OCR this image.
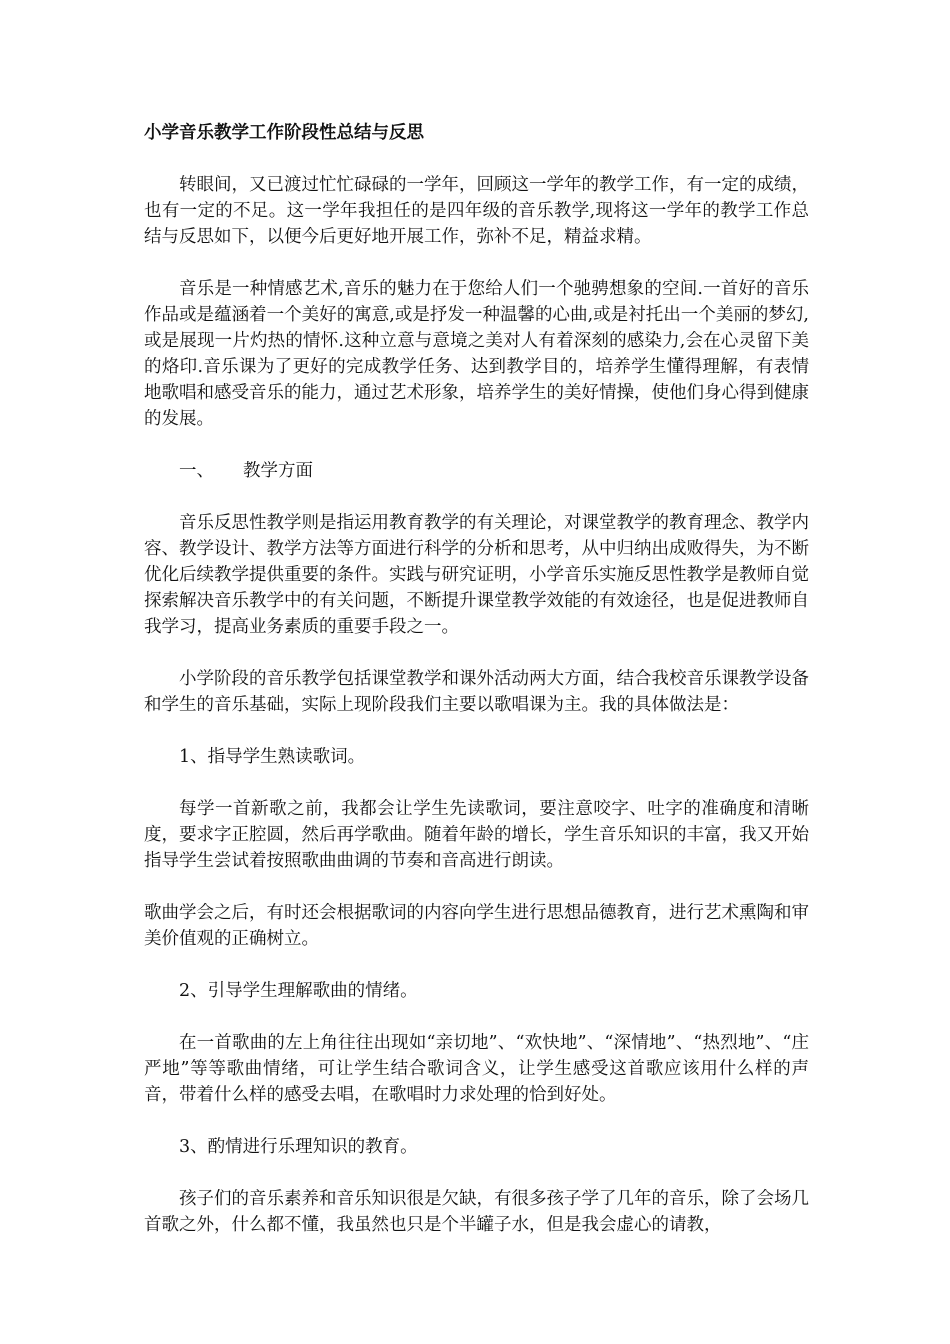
小学音乐教学工作阶段性总结与反思

转眼间，又已渡过忙忙碌碌的一学年，回顾这一学年的教学工作，有一定的成绩，也有一定的不足。这一学年我担任的是四年级的音乐教学,现将这一学年的教学工作总结与反思如下，以便今后更好地开展工作，弥补不足，精益求精。

音乐是一种情感艺术,音乐的魅力在于您给人们一个驰骋想象的空间.一首好的音乐作品或是蕴涵着一个美好的寓意,或是抒发一种温馨的心曲,或是衬托出一个美丽的梦幻,或是展现一片灼热的情怀.这种立意与意境之美对人有着深刻的感染力,会在心灵留下美的烙印.音乐课为了更好的完成教学任务、达到教学目的，培养学生懂得理解，有表情地歌唱和感受音乐的能力，通过艺术形象，培养学生的美好情操，使他们身心得到健康的发展。

一、 教学方面

音乐反思性教学则是指运用教育教学的有关理论，对课堂教学的教育理念、教学内容、教学设计、教学方法等方面进行科学的分析和思考，从中归纳出成败得失，为不断优化后续教学提供重要的条件。实践与研究证明，小学音乐实施反思性教学是教师自觉探索解决音乐教学中的有关问题，不断提升课堂教学效能的有效途径，也是促进教师自我学习，提高业务素质的重要手段之一。

小学阶段的音乐教学包括课堂教学和课外活动两大方面，结合我校音乐课教学设备和学生的音乐基础，实际上现阶段我们主要以歌唱课为主。我的具体做法是：

1、指导学生熟读歌词。

每学一首新歌之前，我都会让学生先读歌词，要注意咬字、吐字的准确度和清晰度，要求字正腔圆，然后再学歌曲。随着年龄的增长，学生音乐知识的丰富，我又开始指导学生尝试着按照歌曲曲调的节奏和音高进行朗读。

歌曲学会之后，有时还会根据歌词的内容向学生进行思想品德教育，进行艺术熏陶和审美价值观的正确树立。

2、引导学生理解歌曲的情绪。

在一首歌曲的左上角往往出现如“亲切地”、“欢快地”、“深情地”、“热烈地”、“庄严地”等等歌曲情绪，可让学生结合歌词含义，让学生感受这首歌应该用什么样的声音，带着什么样的感受去唱，在歌唱时力求处理的恰到好处。

3、酌情进行乐理知识的教育。

孩子们的音乐素养和音乐知识很是欠缺，有很多孩子学了几年的音乐，除了会场几首歌之外，什么都不懂，我虽然也只是个半罐子水，但是我会虚心的请教，
